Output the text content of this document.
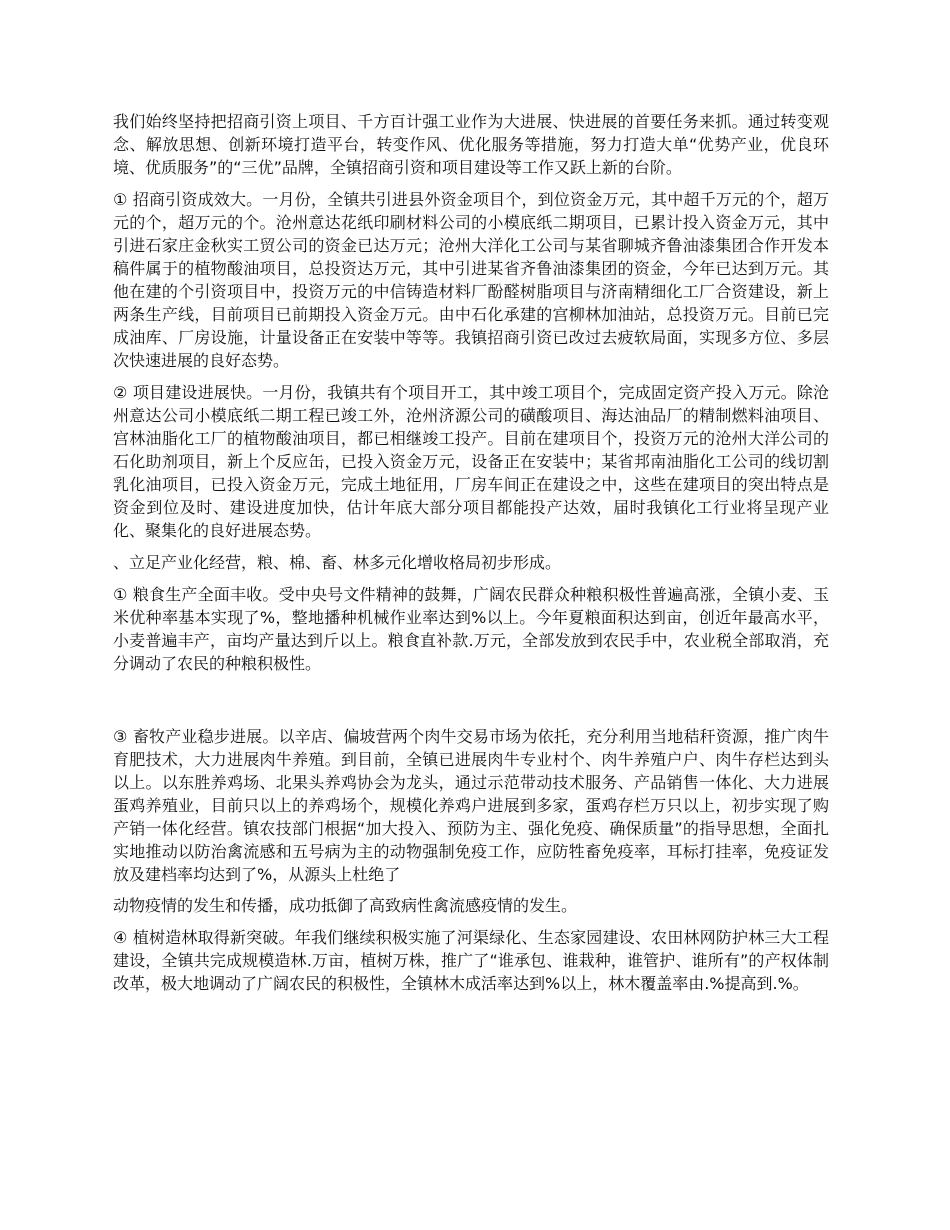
我们始终坚持把招商引资上项目、千方百计强工业作为大进展、快进展的首要任务来抓。通过转变观念、解放思想、创新环境打造平台，转变作风、优化服务等措施，努力打造大单“优势产业，优良环境、优质服务”的“三优”品牌，全镇招商引资和项目建设等工作又跃上新的台阶。

① 招商引资成效大。一月份，全镇共引进县外资金项目个，到位资金万元，其中超千万元的个，超万元的个，超万元的个。沧州意达花纸印刷材料公司的小模底纸二期项目，已累计投入资金万元，其中引进石家庄金秋实工贸公司的资金已达万元；沧州大洋化工公司与某省聊城齐鲁油漆集团合作开发本稿件属于的植物酸油项目，总投资达万元，其中引进某省齐鲁油漆集团的资金，今年已达到万元。其他在建的个引资项目中，投资万元的中信铸造材料厂酚醛树脂项目与济南精细化工厂合资建设，新上两条生产线，目前项目已前期投入资金万元。由中石化承建的宫柳林加油站，总投资万元。目前已完成油库、厂房设施，计量设备正在安装中等等。我镇招商引资已改过去疲软局面，实现多方位、多层次快速进展的良好态势。

② 项目建设进展快。一月份，我镇共有个项目开工，其中竣工项目个，完成固定资产投入万元。除沧州意达公司小模底纸二期工程已竣工外，沧州济源公司的磺酸项目、海达油品厂的精制燃料油项目、宫林油脂化工厂的植物酸油项目，都已相继竣工投产。目前在建项目个，投资万元的沧州大洋公司的石化助剂项目，新上个反应缶，已投入资金万元，设备正在安装中；某省邦南油脂化工公司的线切割乳化油项目，已投入资金万元，完成土地征用，厂房车间正在建设之中，这些在建项目的突出特点是资金到位及时、建设进度加快，估计年底大部分项目都能投产达效，届时我镇化工行业将呈现产业化、聚集化的良好进展态势。

、立足产业化经营，粮、棉、畜、林多元化增收格局初步形成。

① 粮食生产全面丰收。受中央号文件精神的鼓舞，广阔农民群众种粮积极性普遍高涨，全镇小麦、玉米优种率基本实现了%，整地播种机械作业率达到%以上。今年夏粮面积达到亩，创近年最高水平，小麦普遍丰产，亩均产量达到斤以上。粮食直补款.万元，全部发放到农民手中，农业税全部取消，充分调动了农民的种粮积极性。

③ 畜牧产业稳步进展。以辛店、偏坡营两个肉牛交易市场为依托，充分利用当地秸秆资源，推广肉牛育肥技术，大力进展肉牛养殖。到目前，全镇已进展肉牛专业村个、肉牛养殖户户、肉牛存栏达到头以上。以东胜养鸡场、北果头养鸡协会为龙头，通过示范带动技术服务、产品销售一体化、大力进展蛋鸡养殖业，目前只以上的养鸡场个，规模化养鸡户进展到多家，蛋鸡存栏万只以上，初步实现了购产销一体化经营。镇农技部门根据“加大投入、预防为主、强化免疫、确保质量”的指导思想，全面扎实地推动以防治禽流感和五号病为主的动物强制免疫工作，应防牲畜免疫率，耳标打挂率，免疫证发放及建档率均达到了%，从源头上杜绝了

动物疫情的发生和传播，成功抵御了高致病性禽流感疫情的发生。

④ 植树造林取得新突破。年我们继续积极实施了河渠绿化、生态家园建设、农田林网防护林三大工程建设，全镇共完成规模造林.万亩，植树万株，推广了“谁承包、谁栽种，谁管护、谁所有”的产权体制改革，极大地调动了广阔农民的积极性，全镇林木成活率达到%以上，林木覆盖率由.%提高到.%。
